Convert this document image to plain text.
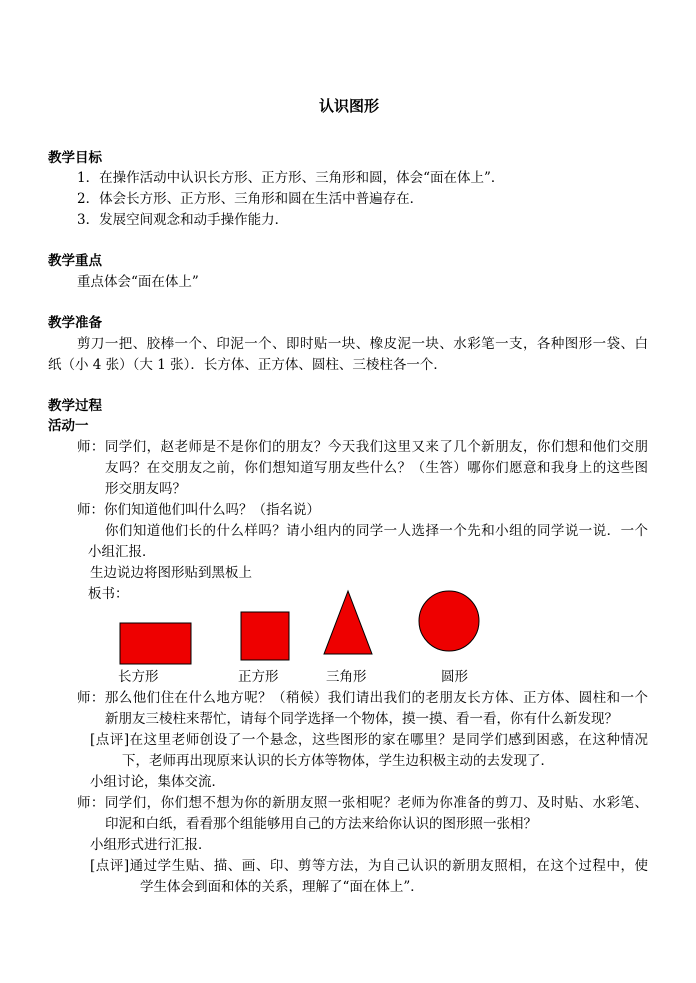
认识图形
教学目标
1．在操作活动中认识长方形、正方形、三角形和圆，体会“面在体上”．
2．体会长方形、正方形、三角形和圆在生活中普遍存在．
3．发展空间观念和动手操作能力．
教学重点
重点体会“面在体上”
教学准备
剪刀一把、胶棒一个、印泥一个、即时贴一块、橡皮泥一块、水彩笔一支，各种图形一袋、白
纸（小 4 张）（大 1 张）．长方体、正方体、圆柱、三棱柱各一个．
教学过程
活动一
师：同学们，赵老师是不是你们的朋友？今天我们这里又来了几个新朋友，你们想和他们交朋
友吗？在交朋友之前，你们想知道写朋友些什么？（生答）哪你们愿意和我身上的这些图
形交朋友吗？
师：你们知道他们叫什么吗？（指名说）
你们知道他们长的什么样吗？请小组内的同学一人选择一个先和小组的同学说一说．一个
小组汇报．
生边说边将图形贴到黑板上
板书：
长方形	正方形	三角形	圆形
师：那么他们住在什么地方呢？（稍候）我们请出我们的老朋友长方体、正方体、圆柱和一个
新朋友三棱柱来帮忙，请每个同学选择一个物体，摸一摸、看一看，你有什么新发现？
[点评]在这里老师创设了一个悬念，这些图形的家在哪里？是同学们感到困惑，在这种情况
下，老师再出现原来认识的长方体等物体，学生边积极主动的去发现了．
小组讨论，集体交流．
师：同学们，你们想不想为你的新朋友照一张相呢？老师为你准备的剪刀、及时贴、水彩笔、
印泥和白纸，看看那个组能够用自己的方法来给你认识的图形照一张相？
小组形式进行汇报．
[点评]通过学生贴、描、画、印、剪等方法，为自己认识的新朋友照相，在这个过程中，使
学生体会到面和体的关系，理解了“面在体上”．
